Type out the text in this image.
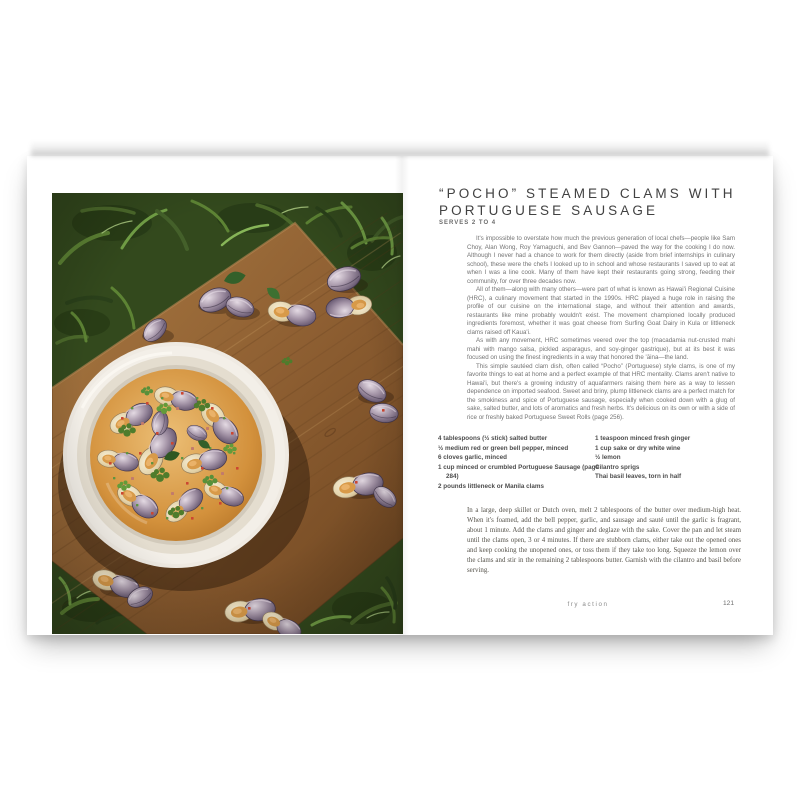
“POCHO” STEAMED CLAMS WITH
PORTUGUESE SAUSAGE
SERVES 2 TO 4

It's impossible to overstate how much the previous generation of local chefs—people like Sam Choy, Alan Wong, Roy Yamaguchi, and Bev Gannon—paved the way for the cooking I do now. Although I never had a chance to work for them directly (aside from brief internships in culinary school), these were the chefs I looked up to in school and whose restaurants I saved up to eat at when I was a line cook. Many of them have kept their restaurants going strong, feeding their community, for over three decades now.

All of them—along with many others—were part of what is known as Hawai'i Regional Cuisine (HRC), a culinary movement that started in the 1990s. HRC played a huge role in raising the profile of our cuisine on the international stage, and without their attention and awards, restaurants like mine probably wouldn't exist. The movement championed locally produced ingredients foremost, whether it was goat cheese from Surfing Goat Dairy in Kula or littleneck clams raised off Kaua'i.

As with any movement, HRC sometimes veered over the top (macadamia nut-crusted mahi mahi with mango salsa, pickled asparagus, and soy-ginger gastrique), but at its best it was focused on using the finest ingredients in a way that honored the 'āina—the land.

This simple sautéed clam dish, often called “Pocho” (Portuguese) style clams, is one of my favorite things to eat at home and a perfect example of that HRC mentality. Clams aren't native to Hawai'i, but there's a growing industry of aquafarmers raising them here as a way to lessen dependence on imported seafood. Sweet and briny, plump littleneck clams are a perfect match for the smokiness and spice of Portuguese sausage, especially when cooked down with a glug of sake, salted butter, and lots of aromatics and fresh herbs. It's delicious on its own or with a side of rice or freshly baked Portuguese Sweet Rolls (page 256).

4 tablespoons (½ stick) salted butter
½ medium red or green bell pepper, minced
6 cloves garlic, minced
1 cup minced or crumbled Portuguese Sausage (page 284)
2 pounds littleneck or Manila clams
1 teaspoon minced fresh ginger
1 cup sake or dry white wine
½ lemon
Cilantro sprigs
Thai basil leaves, torn in half
In a large, deep skillet or Dutch oven, melt 2 tablespoons of the butter over medium-high heat. When it's foamed, add the bell pepper, garlic, and sausage and sauté until the garlic is fragrant, about 1 minute. Add the clams and ginger and deglaze with the sake. Cover the pan and let steam until the clams open, 3 or 4 minutes. If there are stubborn clams, either take out the opened ones and keep cooking the unopened ones, or toss them if they take too long. Squeeze the lemon over the clams and stir in the remaining 2 tablespoons butter. Garnish with the cilantro and basil before serving.
fry action	121
